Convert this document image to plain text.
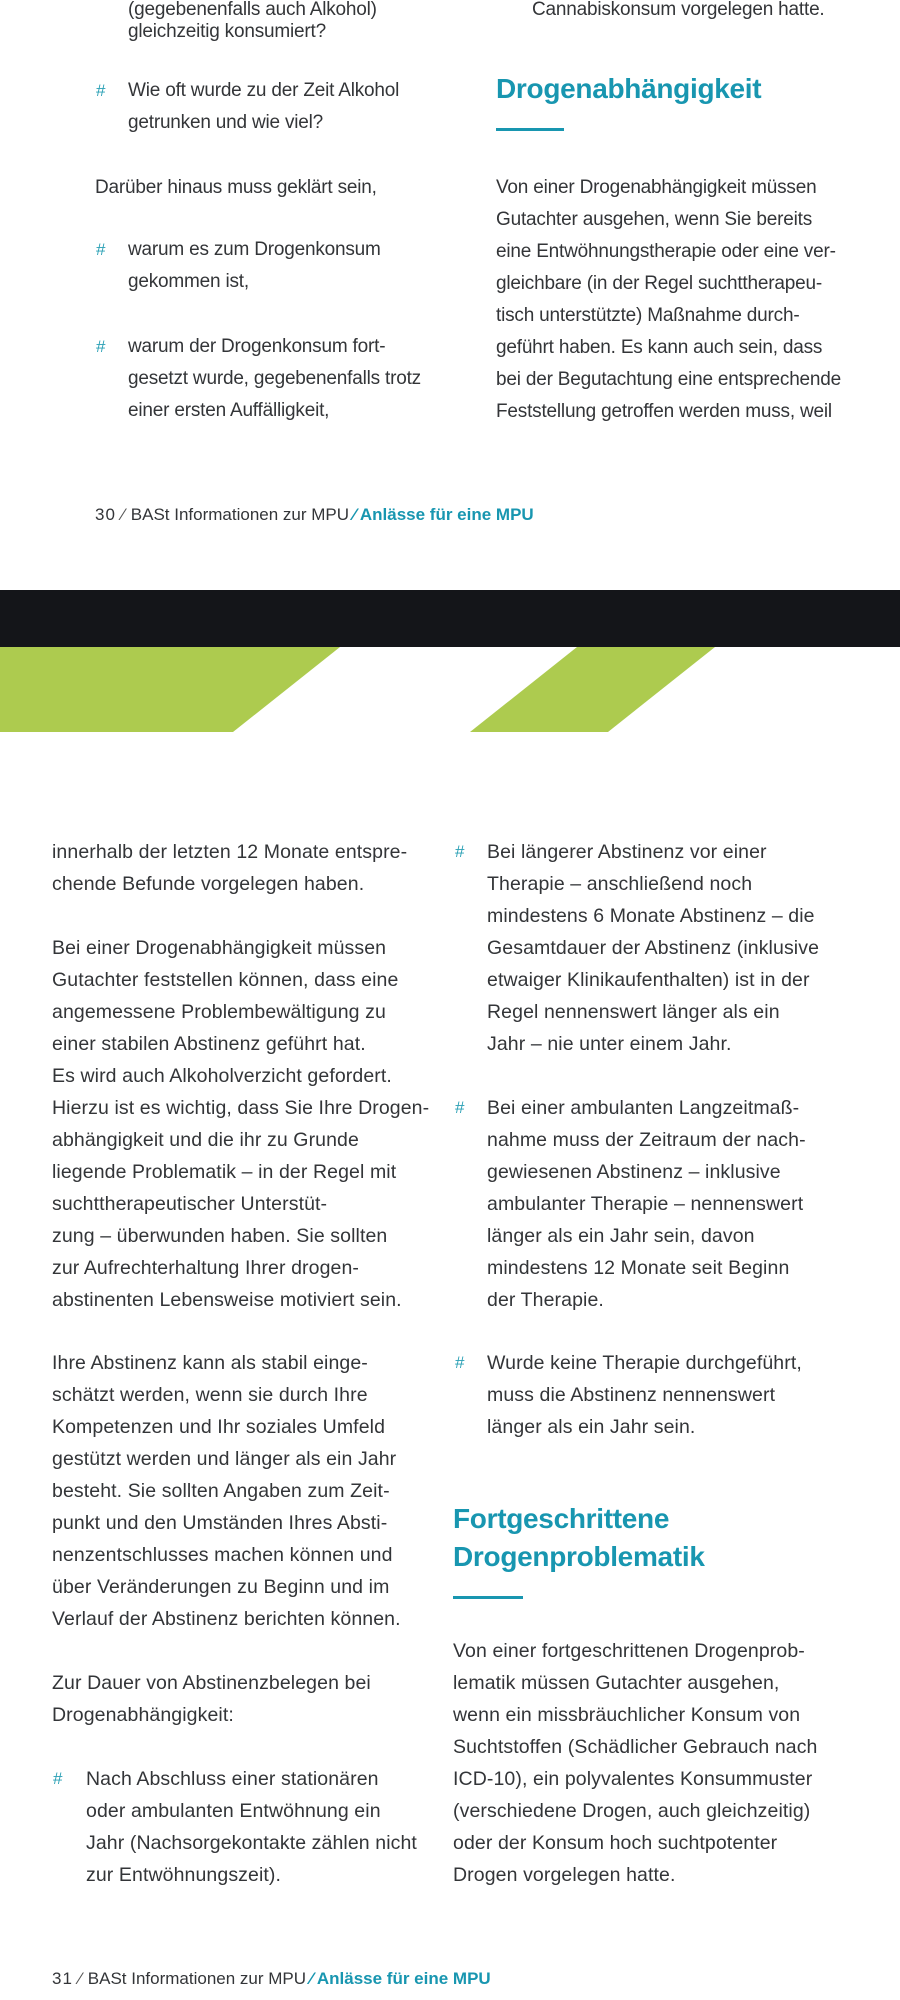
(gegebenenfalls auch Alkohol)
gleichzeitig konsumiert?
# Wie oft wurde zu der Zeit Alkohol
getrunken und wie viel?
Darüber hinaus muss geklärt sein,
# warum es zum Drogenkonsum
gekommen ist,
# warum der Drogenkonsum fort-
gesetzt wurde, gegebenenfalls trotz
einer ersten Auffälligkeit,
Cannabiskonsum vorgelegen hatte.
Drogenabhängigkeit
Von einer Drogenabhängigkeit müssen
Gutachter ausgehen, wenn Sie bereits
eine Entwöhnungstherapie oder eine ver-
gleichbare (in der Regel suchttherapeu-
tisch unterstützte) Maßnahme durch-
geführt haben. Es kann auch sein, dass
bei der Begutachtung eine entsprechende
Feststellung getroffen werden muss, weil
30 ⁄ BASt Informationen zur MPU ⁄ Anlässe für eine MPU
innerhalb der letzten 12 Monate entspre-
chende Befunde vorgelegen haben.
Bei einer Drogenabhängigkeit müssen
Gutachter feststellen können, dass eine
angemessene Problembewältigung zu
einer stabilen Abstinenz geführt hat.
Es wird auch Alkoholverzicht gefordert.
Hierzu ist es wichtig, dass Sie Ihre Drogen-
abhängigkeit und die ihr zu Grunde
liegende Problematik – in der Regel mit
suchttherapeutischer Unterstüt-
zung – überwunden haben. Sie sollten
zur Aufrechterhaltung Ihrer drogen-
abstinenten Lebensweise motiviert sein.
Ihre Abstinenz kann als stabil einge-
schätzt werden, wenn sie durch Ihre
Kompetenzen und Ihr soziales Umfeld
gestützt werden und länger als ein Jahr
besteht. Sie sollten Angaben zum Zeit-
punkt und den Umständen Ihres Absti-
nenzentschlusses machen können und
über Veränderungen zu Beginn und im
Verlauf der Abstinenz berichten können.
Zur Dauer von Abstinenzbelegen bei
Drogenabhängigkeit:
# Nach Abschluss einer stationären
oder ambulanten Entwöhnung ein
Jahr (Nachsorgekontakte zählen nicht
zur Entwöhnungszeit).
# Bei längerer Abstinenz vor einer
Therapie – anschließend noch
mindestens 6 Monate Abstinenz – die
Gesamtdauer der Abstinenz (inklusive
etwaiger Klinikaufenthalten) ist in der
Regel nennenswert länger als ein
Jahr – nie unter einem Jahr.
# Bei einer ambulanten Langzeitmaß-
nahme muss der Zeitraum der nach-
gewiesenen Abstinenz – inklusive
ambulanter Therapie – nennenswert
länger als ein Jahr sein, davon
mindestens 12 Monate seit Beginn
der Therapie.
# Wurde keine Therapie durchgeführt,
muss die Abstinenz nennenswert
länger als ein Jahr sein.
Fortgeschrittene
Drogenproblematik
Von einer fortgeschrittenen Drogenprob-
lematik müssen Gutachter ausgehen,
wenn ein missbräuchlicher Konsum von
Suchtstoffen (Schädlicher Gebrauch nach
ICD-10), ein polyvalentes Konsummuster
(verschiedene Drogen, auch gleichzeitig)
oder der Konsum hoch suchtpotenter
Drogen vorgelegen hatte.
31 ⁄ BASt Informationen zur MPU ⁄ Anlässe für eine MPU
